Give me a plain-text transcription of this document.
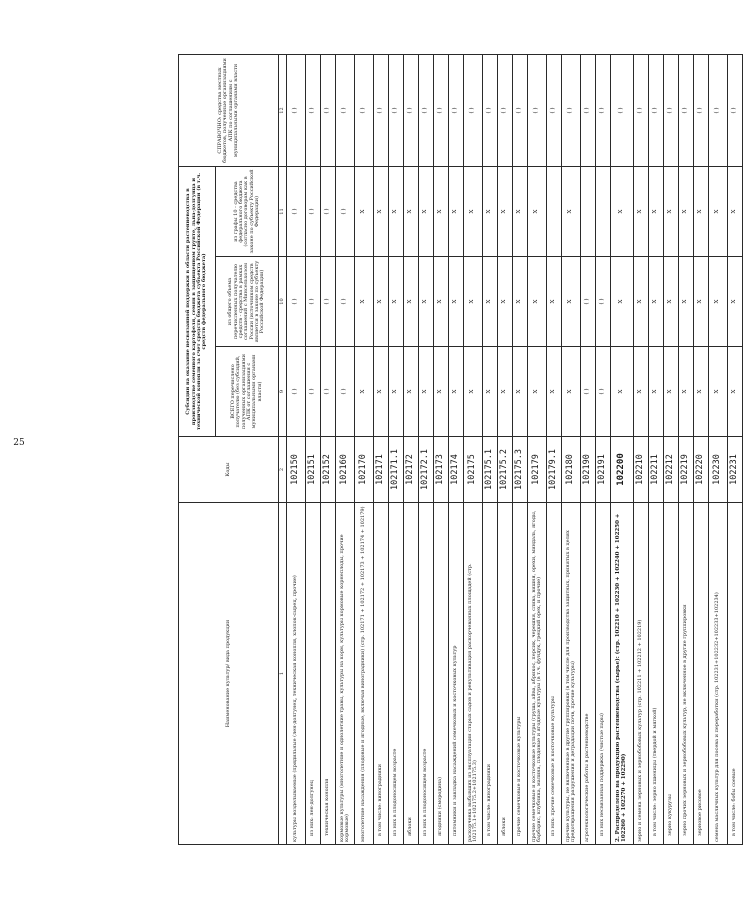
25
Наименование культур/ вида продукции	Коды	Субсидии на оказание несвязанной поддержки в области растениеводства в производстве семенного картофеля, семян в защищенном грунте, льна-долгунца и технической конопли за счет средств бюджета субъекта Российской Федерации (в т.ч. средств федерального бюджета)			СПРАВОЧНО: средства местных бюджетов, полученные организациями АПК по соглашениям с муниципальными органами власти
		ВСЕГО перечислено получателю (без субсидий, полученных организациями АПК от соглашения с муниципальными органами власти)	из общего объема перечисленных получателю средств - средства в рамках соглашений с Минсельхозом России (источником средств является в законе по субъекту Российской Федерации)	из графы 10 - средства федерального бюджета (согласно договорам как в законе по субъекту Российской Федерации)	
1	2	9	10	11	12
культуры возделываемые (прядильные (лен-долгунец, техническая конопля, хлопок-сырец, прочие)	102150	( )	( )	( )	( )
из них: лен-долгунец	102151	( )	( )	( )	( )
техническая конопля	102152	( )	( )	( )	( )
кормовые культуры (многолетние и однолетние травы, культуры на корм, культуры кормовые корнеплоды, прочие кормовые)	102160	( )	( )	( )	( )
многолетние насаждения (плодовые и ягодные, включая виноградники) (стр. 102171 + 102172 + 102173 + 102174 + 102179)	102170	X	X	X	( )
в том числе: виноградники	102171	X	X	X	( )
из них в плодоносящем возрасте	102171.1	X	X	X	( )
яблоки	102172	X	X	X	( )
из них в плодоносящем возрасте	102172.1	X	X	X	( )
ягодники (смородина)	102173	X	X	X	( )
питомники и закладка насаждений семечковых и косточковых культур	102174	X	X	X	( )
раскорчевка выбывших из эксплуатации старых садов и рекультивация раскорчеванных площадей (стр. 102175.1+102175.2+102175.3)	102175	X	X	X	( )
в том числе: виноградники	102175.1	X	X	X	( )
яблоки	102175.2	X	X	X	( )
прочие семечковые и косточковые культуры	102175.3	X	X	X	( )
прочие семечковые и косточковые культуры (груша, айва, абрикос, персик, черешня, слива, вишня, орехи, миндаль, ягоды, барбарис, клубника, малина, плодовые и ягодные культуры (в т.ч. фундук, грецкий орех, и прочие)	102179	X	X	X	( )
из них: прочие семечковые и косточковые культуры	102179.1	X	X		( )
прочие культуры, не включенные в другие группировки (в том числе для производства защитных, принятых в целях предотвращения разрушения и деградации почв, прочие культуры)	102180	X	X	X	( )
агротехнологические работы в растениеводстве	102190	( )	( )		( )
из них несвязанная поддержка (чистые пары)	102191	( )	( )		( )
2. Распределено на продукцию растениеводства (сырье): (стр. 102210 + 102230 + 102240 + 102250 + 102260 + 102270 + 102290)	102200	X	X	X	( )
зерно и семена зерновых и зернобобовых культур (стр. 102211 + 102212 + 102219)	102210	X	X	X	( )
в том числе: зерно пшеницы (твердой и мягкой)	102211	X	X	X	( )
зерно кукурузы	102212	X	X	X	( )
зерно прочих зерновых и зернобобовых культур, не включенное в другие группировки	102219	X	X	X	( )
зерновое рисовое	102220	X	X	X	( )
семена масличных культур для посева и переработки (стр. 102231+102232+102233+102234)	102230	X	X	X	( )
в том числе: бобы соевые	102231	X	X	X	( )
